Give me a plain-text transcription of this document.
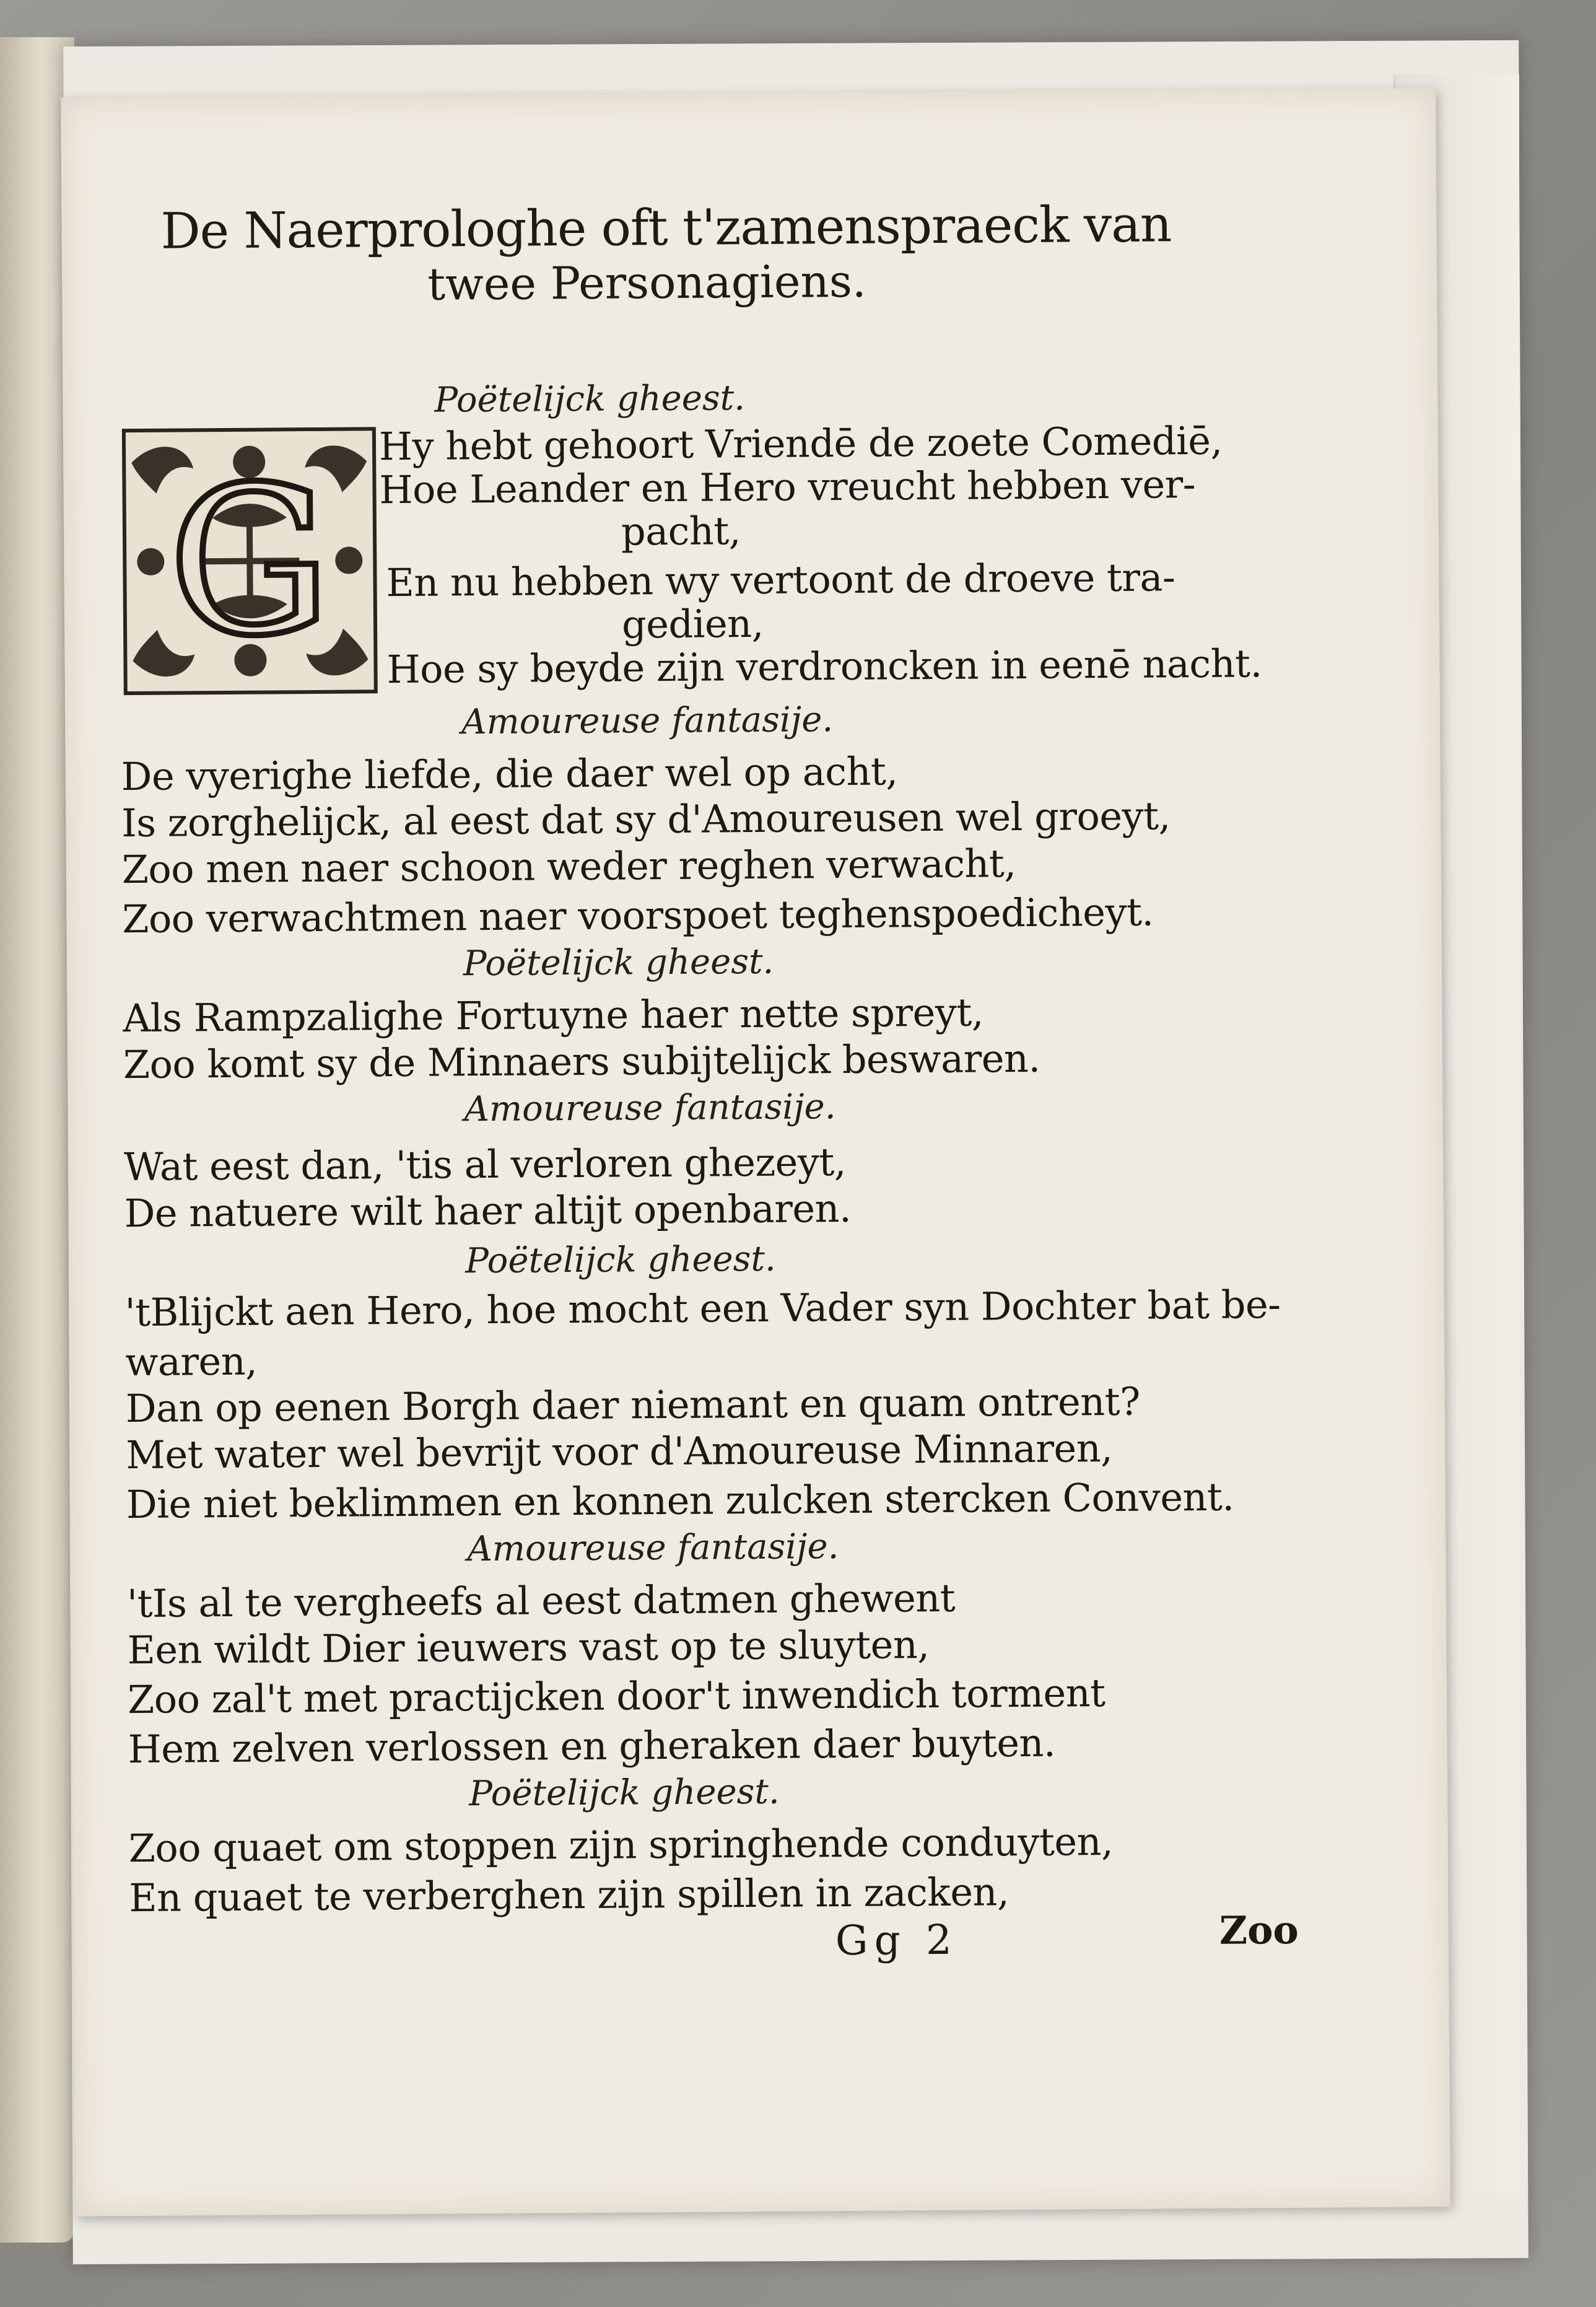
​
De Naerprologhe oft t'zamenspraeck van
twee Personagiens.
G
Poëtelijck gheest.
Hy hebt gehoort Vriendē de zoete Comediē,
Hoe Leander en Hero vreucht hebben ver-
pacht,
En nu hebben wy vertoont de droeve tra-
gedien,
Hoe sy beyde zijn verdroncken in eenē nacht.
Amoureuse fantasije.
De vyerighe liefde, die daer wel op acht,
Is zorghelijck, al eest dat sy d'Amoureusen wel groeyt,
Zoo men naer schoon weder reghen verwacht,
Zoo verwachtmen naer voorspoet teghenspoedicheyt.
Poëtelijck gheest.
Als Rampzalighe Fortuyne haer nette spreyt,
Zoo komt sy de Minnaers subijtelijck beswaren.
Amoureuse fantasije.
Wat eest dan, 'tis al verloren ghezeyt,
De natuere wilt haer altijt openbaren.
Poëtelijck gheest.
'tBlijckt aen Hero, hoe mocht een Vader syn Dochter bat be-
waren,
Dan op eenen Borgh daer niemant en quam ontrent?
Met water wel bevrijt voor d'Amoureuse Minnaren,
Die niet beklimmen en konnen zulcken stercken Convent.
Amoureuse fantasije.
'tIs al te vergheefs al eest datmen ghewent
Een wildt Dier ieuwers vast op te sluyten,
Zoo zal't met practijcken door't inwendich torment
Hem zelven verlossen en gheraken daer buyten.
Poëtelijck gheest.
Zoo quaet om stoppen zijn springhende conduyten,
En quaet te verberghen zijn spillen in zacken,
Gg 2	Zoo
